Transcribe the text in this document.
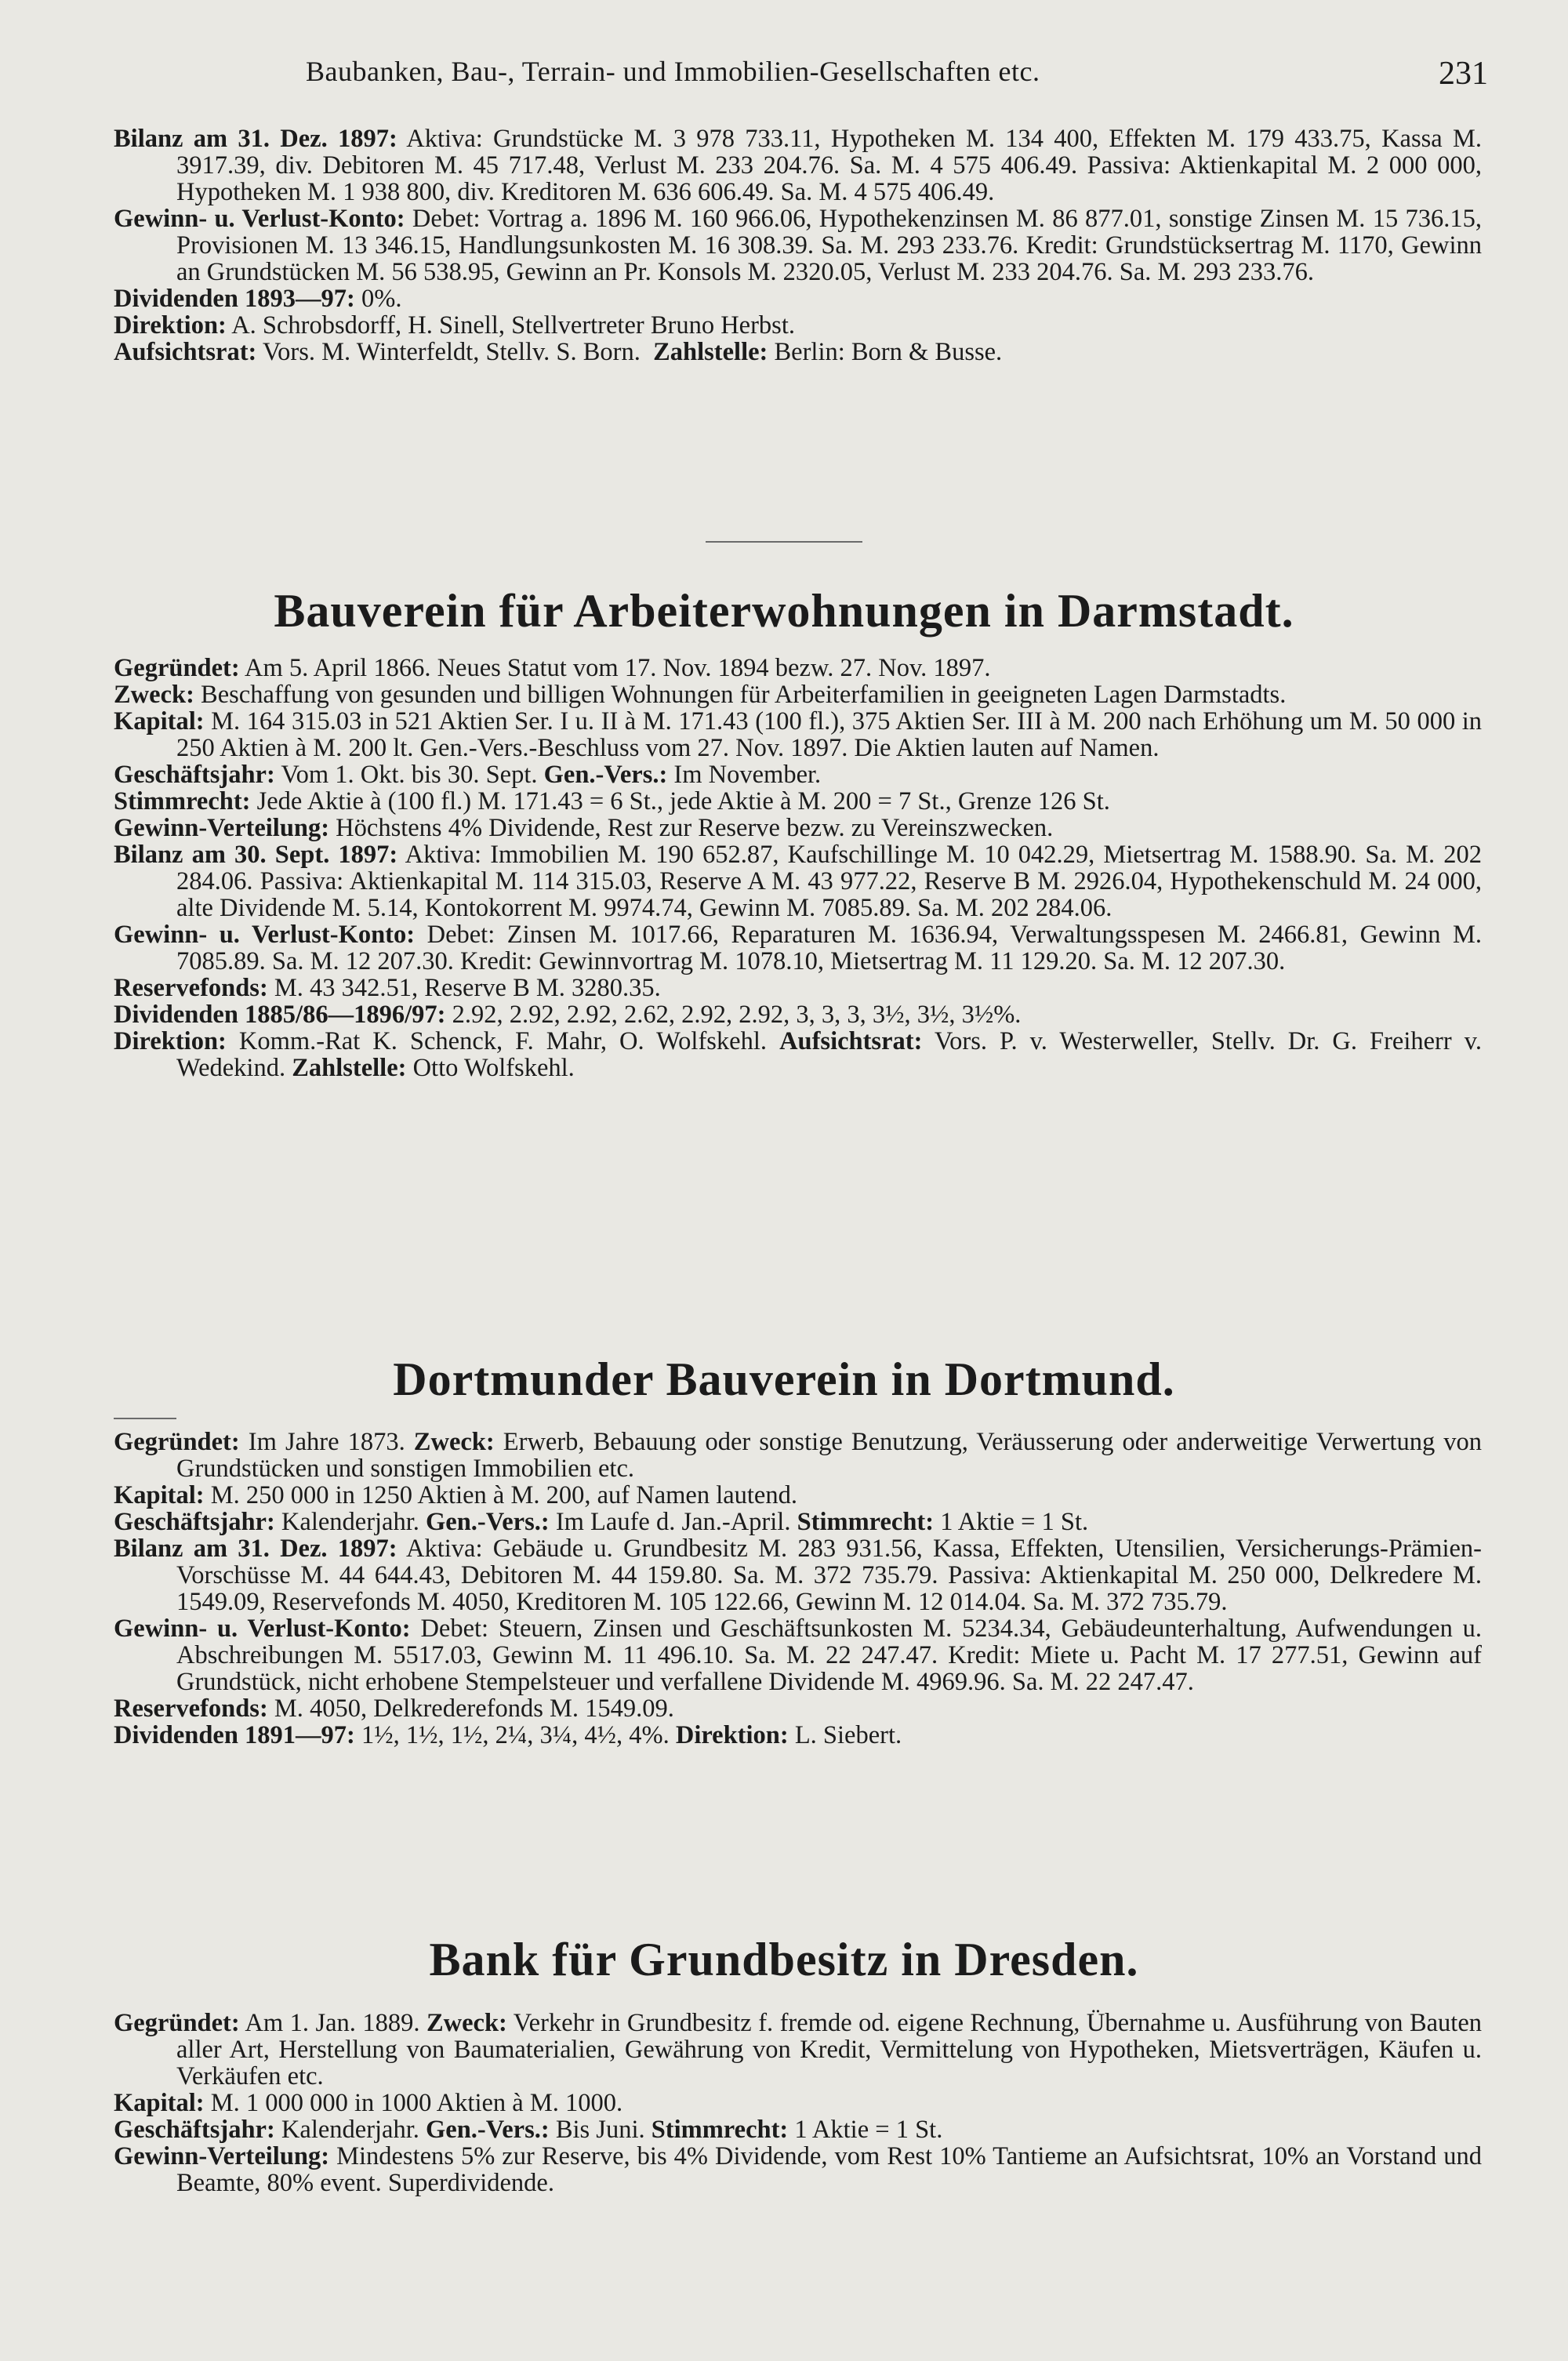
Baubanken, Bau-, Terrain- und Immobilien-Gesellschaften etc.	231

Bilanz am 31. Dez. 1897: Aktiva: Grundstücke M. 3 978 733.11, Hypotheken M. 134 400, Effekten M. 179 433.75, Kassa M. 3917.39, div. Debitoren M. 45 717.48, Verlust M. 233 204.76. Sa. M. 4 575 406.49. Passiva: Aktienkapital M. 2 000 000, Hypotheken M. 1 938 800, div. Kreditoren M. 636 606.49. Sa. M. 4 575 406.49.

Gewinn- u. Verlust-Konto: Debet: Vortrag a. 1896 M. 160 966.06, Hypothekenzinsen M. 86 877.01, sonstige Zinsen M. 15 736.15, Provisionen M. 13 346.15, Handlungsunkosten M. 16 308.39. Sa. M. 293 233.76. Kredit: Grundstücksertrag M. 1170, Gewinn an Grundstücken M. 56 538.95, Gewinn an Pr. Konsols M. 2320.05, Verlust M. 233 204.76. Sa. M. 293 233.76.

Dividenden 1893—97: 0%.

Direktion: A. Schrobsdorff, H. Sinell, Stellvertreter Bruno Herbst.

Aufsichtsrat: Vors. M. Winterfeldt, Stellv. S. Born. Zahlstelle: Berlin: Born & Busse.

Bauverein für Arbeiterwohnungen in Darmstadt.

Gegründet: Am 5. April 1866. Neues Statut vom 17. Nov. 1894 bezw. 27. Nov. 1897.

Zweck: Beschaffung von gesunden und billigen Wohnungen für Arbeiterfamilien in geeigneten Lagen Darmstadts.

Kapital: M. 164 315.03 in 521 Aktien Ser. I u. II à M. 171.43 (100 fl.), 375 Aktien Ser. III à M. 200 nach Erhöhung um M. 50 000 in 250 Aktien à M. 200 lt. Gen.-Vers.-Beschluss vom 27. Nov. 1897. Die Aktien lauten auf Namen.

Geschäftsjahr: Vom 1. Okt. bis 30. Sept. Gen.-Vers.: Im November.

Stimmrecht: Jede Aktie à (100 fl.) M. 171.43 = 6 St., jede Aktie à M. 200 = 7 St., Grenze 126 St.

Gewinn-Verteilung: Höchstens 4% Dividende, Rest zur Reserve bezw. zu Vereinszwecken.

Bilanz am 30. Sept. 1897: Aktiva: Immobilien M. 190 652.87, Kaufschillinge M. 10 042.29, Mietsertrag M. 1588.90. Sa. M. 202 284.06. Passiva: Aktienkapital M. 114 315.03, Reserve A M. 43 977.22, Reserve B M. 2926.04, Hypothekenschuld M. 24 000, alte Dividende M. 5.14, Kontokorrent M. 9974.74, Gewinn M. 7085.89. Sa. M. 202 284.06.

Gewinn- u. Verlust-Konto: Debet: Zinsen M. 1017.66, Reparaturen M. 1636.94, Verwaltungsspesen M. 2466.81, Gewinn M. 7085.89. Sa. M. 12 207.30. Kredit: Gewinnvortrag M. 1078.10, Mietsertrag M. 11 129.20. Sa. M. 12 207.30.

Reservefonds: M. 43 342.51, Reserve B M. 3280.35.

Dividenden 1885/86—1896/97: 2.92, 2.92, 2.92, 2.62, 2.92, 2.92, 3, 3, 3, 3½, 3½, 3½%.

Direktion: Komm.-Rat K. Schenck, F. Mahr, O. Wolfskehl. Aufsichtsrat: Vors. P. v. Westerweller, Stellv. Dr. G. Freiherr v. Wedekind. Zahlstelle: Otto Wolfskehl.

Dortmunder Bauverein in Dortmund.

Gegründet: Im Jahre 1873. Zweck: Erwerb, Bebauung oder sonstige Benutzung, Veräusserung oder anderweitige Verwertung von Grundstücken und sonstigen Immobilien etc.

Kapital: M. 250 000 in 1250 Aktien à M. 200, auf Namen lautend.

Geschäftsjahr: Kalenderjahr. Gen.-Vers.: Im Laufe d. Jan.-April. Stimmrecht: 1 Aktie = 1 St.

Bilanz am 31. Dez. 1897: Aktiva: Gebäude u. Grundbesitz M. 283 931.56, Kassa, Effekten, Utensilien, Versicherungs-Prämien-Vorschüsse M. 44 644.43, Debitoren M. 44 159.80. Sa. M. 372 735.79. Passiva: Aktienkapital M. 250 000, Delkredere M. 1549.09, Reservefonds M. 4050, Kreditoren M. 105 122.66, Gewinn M. 12 014.04. Sa. M. 372 735.79.

Gewinn- u. Verlust-Konto: Debet: Steuern, Zinsen und Geschäftsunkosten M. 5234.34, Gebäudeunterhaltung, Aufwendungen u. Abschreibungen M. 5517.03, Gewinn M. 11 496.10. Sa. M. 22 247.47. Kredit: Miete u. Pacht M. 17 277.51, Gewinn auf Grundstück, nicht erhobene Stempelsteuer und verfallene Dividende M. 4969.96. Sa. M. 22 247.47.

Reservefonds: M. 4050, Delkrederefonds M. 1549.09.

Dividenden 1891—97: 1½, 1½, 1½, 2¼, 3¼, 4½, 4%. Direktion: L. Siebert.

Bank für Grundbesitz in Dresden.

Gegründet: Am 1. Jan. 1889. Zweck: Verkehr in Grundbesitz f. fremde od. eigene Rechnung, Übernahme u. Ausführung von Bauten aller Art, Herstellung von Baumaterialien, Gewährung von Kredit, Vermittelung von Hypotheken, Mietsverträgen, Käufen u. Verkäufen etc.

Kapital: M. 1 000 000 in 1000 Aktien à M. 1000.

Geschäftsjahr: Kalenderjahr. Gen.-Vers.: Bis Juni. Stimmrecht: 1 Aktie = 1 St.

Gewinn-Verteilung: Mindestens 5% zur Reserve, bis 4% Dividende, vom Rest 10% Tantieme an Aufsichtsrat, 10% an Vorstand und Beamte, 80% event. Superdividende.
